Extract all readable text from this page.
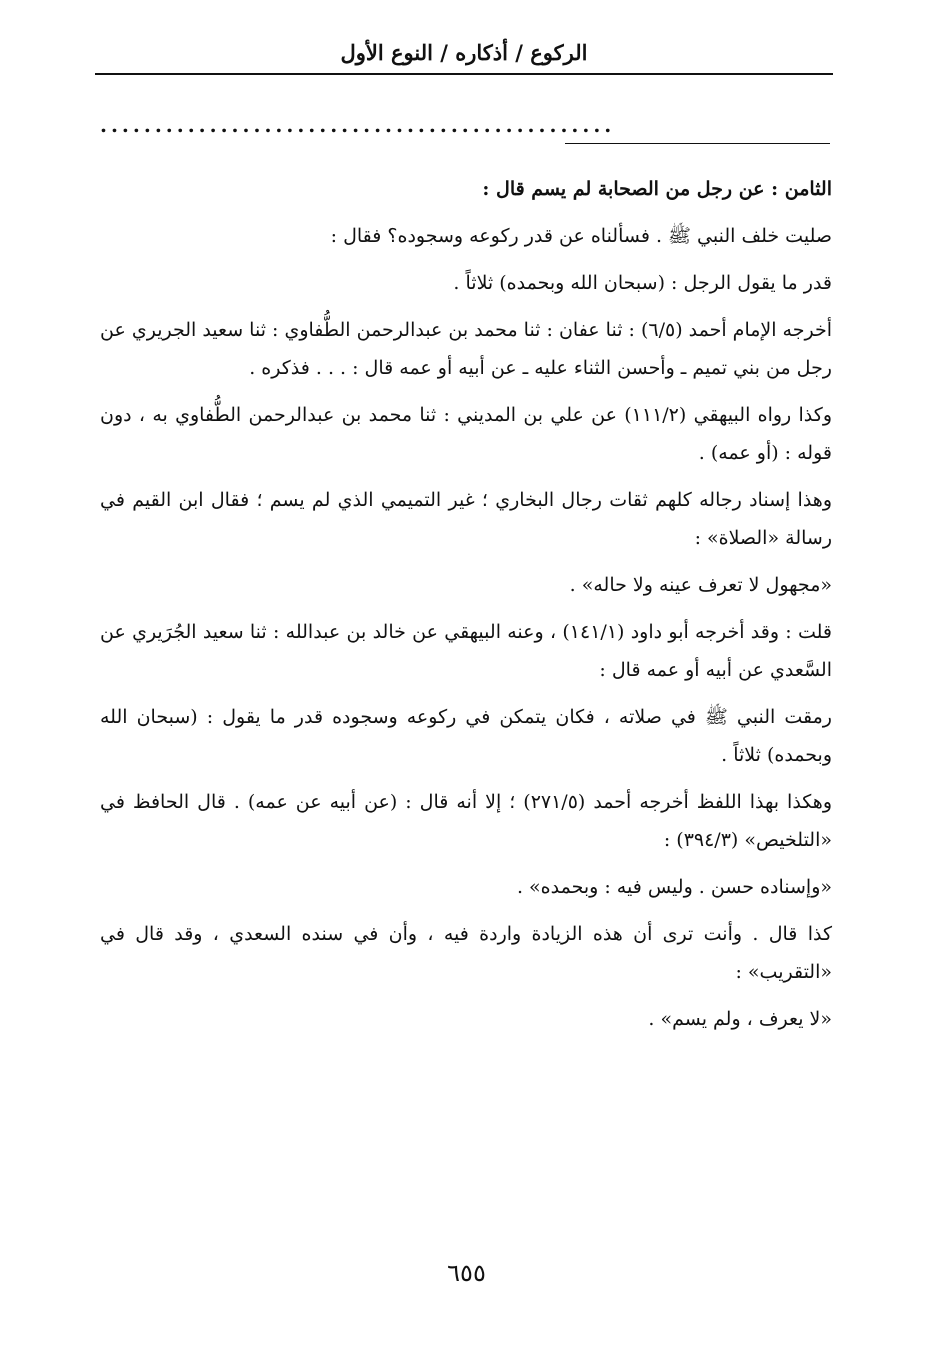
الركوع / أذكاره / النوع الأول
...............................................

الثامن : عن رجل من الصحابة لم يسم قال :

صليت خلف النبي ﷺ . فسألناه عن قدر ركوعه وسجوده؟ فقال :

قدر ما يقول الرجل : (سبحان الله وبحمده) ثلاثاً .

أخرجه الإمام أحمد (٦/٥) : ثنا عفان : ثنا محمد بن عبدالرحمن الطُّفاوي : ثنا سعيد الجريري عن رجل من بني تميم ـ وأحسن الثناء عليه ـ عن أبيه أو عمه قال : . . . فذكره .

وكذا رواه البيهقي (١١١/٢) عن علي بن المديني : ثنا محمد بن عبدالرحمن الطُّفاوي به ، دون قوله : (أو عمه) .

وهذا إسناد رجاله كلهم ثقات رجال البخاري ؛ غير التميمي الذي لم يسم ؛ فقال ابن القيم في رسالة «الصلاة» :

«مجهول لا تعرف عينه ولا حاله» .

قلت : وقد أخرجه أبو داود (١٤١/١) ، وعنه البيهقي عن خالد بن عبدالله : ثنا سعيد الجُرَيري عن السَّعدي عن أبيه أو عمه قال :

رمقت النبي ﷺ في صلاته ، فكان يتمكن في ركوعه وسجوده قدر ما يقول : (سبحان الله وبحمده) ثلاثاً .

وهكذا بهذا اللفظ أخرجه أحمد (٢٧١/٥) ؛ إلا أنه قال : (عن أبيه عن عمه) . قال الحافظ في «التلخيص» (٣٩٤/٣) :

«وإسناده حسن . وليس فيه : وبحمده» .

كذا قال . وأنت ترى أن هذه الزيادة واردة فيه ، وأن في سنده السعدي ، وقد قال في «التقريب» :

«لا يعرف ، ولم يسم» .

٦٥٥
